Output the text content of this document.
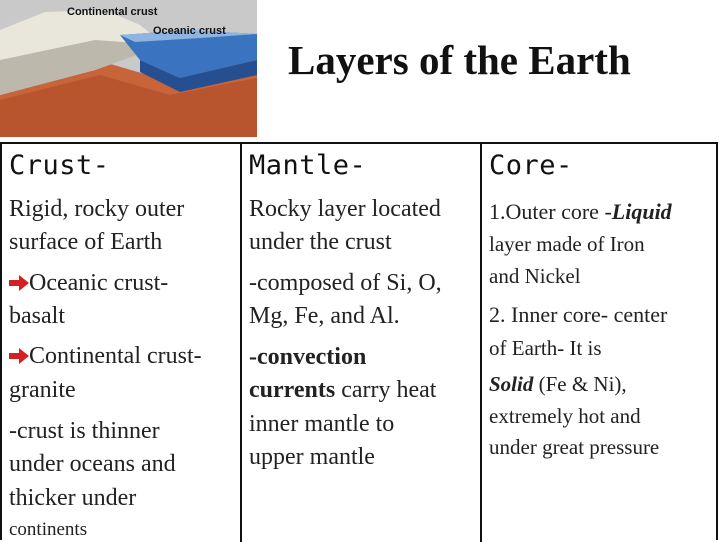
Continental crust
Oceanic crust
Layers of the Earth
Crust-
Rigid, rocky outer
surface of Earth
Oceanic crust-
basalt
Continental crust-
granite
-crust is thinner
under oceans and
thicker under
continents
Mantle-
Rocky layer located
under the crust
-composed of Si, O,
Mg, Fe, and Al.
-convection
currents carry heat
inner mantle to
upper mantle
Core-
1.Outer core -Liquid
layer made of Iron
and Nickel
2. Inner core- center
of Earth- It is
Solid (Fe & Ni),
extremely hot and
under great pressure
